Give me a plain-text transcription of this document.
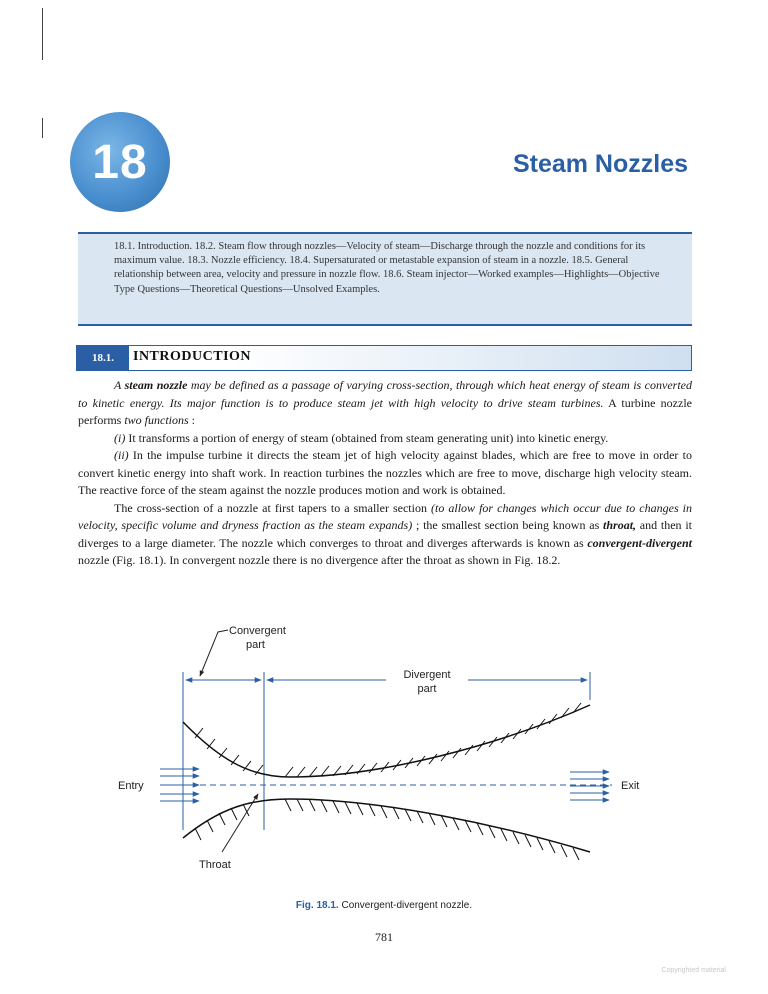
18	Steam Nozzles
18.1. Introduction. 18.2. Steam flow through nozzles—Velocity of steam—Discharge through the nozzle and conditions for its maximum value. 18.3. Nozzle efficiency. 18.4. Supersaturated or metastable expansion of steam in a nozzle. 18.5. General relationship between area, velocity and pressure in nozzle flow. 18.6. Steam injector—Worked examples—Highlights—Objective Type Questions—Theoretical Questions—Unsolved Examples.
18.1.	INTRODUCTION

A steam nozzle may be defined as a passage of varying cross-section, through which heat energy of steam is converted to kinetic energy. Its major function is to produce steam jet with high velocity to drive steam turbines. A turbine nozzle performs two functions :

(i) It transforms a portion of energy of steam (obtained from steam generating unit) into kinetic energy.

(ii) In the impulse turbine it directs the steam jet of high velocity against blades, which are free to move in order to convert kinetic energy into shaft work. In reaction turbines the nozzles which are free to move, discharge high velocity steam. The reactive force of the steam against the nozzle produces motion and work is obtained.

The cross-section of a nozzle at first tapers to a smaller section (to allow for changes which occur due to changes in velocity, specific volume and dryness fraction as the steam expands) ; the smallest section being known as throat, and then it diverges to a large diameter. The nozzle which converges to throat and diverges afterwards is known as convergent-divergent nozzle (Fig. 18.1). In convergent nozzle there is no divergence after the throat as shown in Fig. 18.2.

Convergent
part
Divergent
part
Entry	Exit
Throat
Fig. 18.1. Convergent-divergent nozzle.
781
Copyrighted material
